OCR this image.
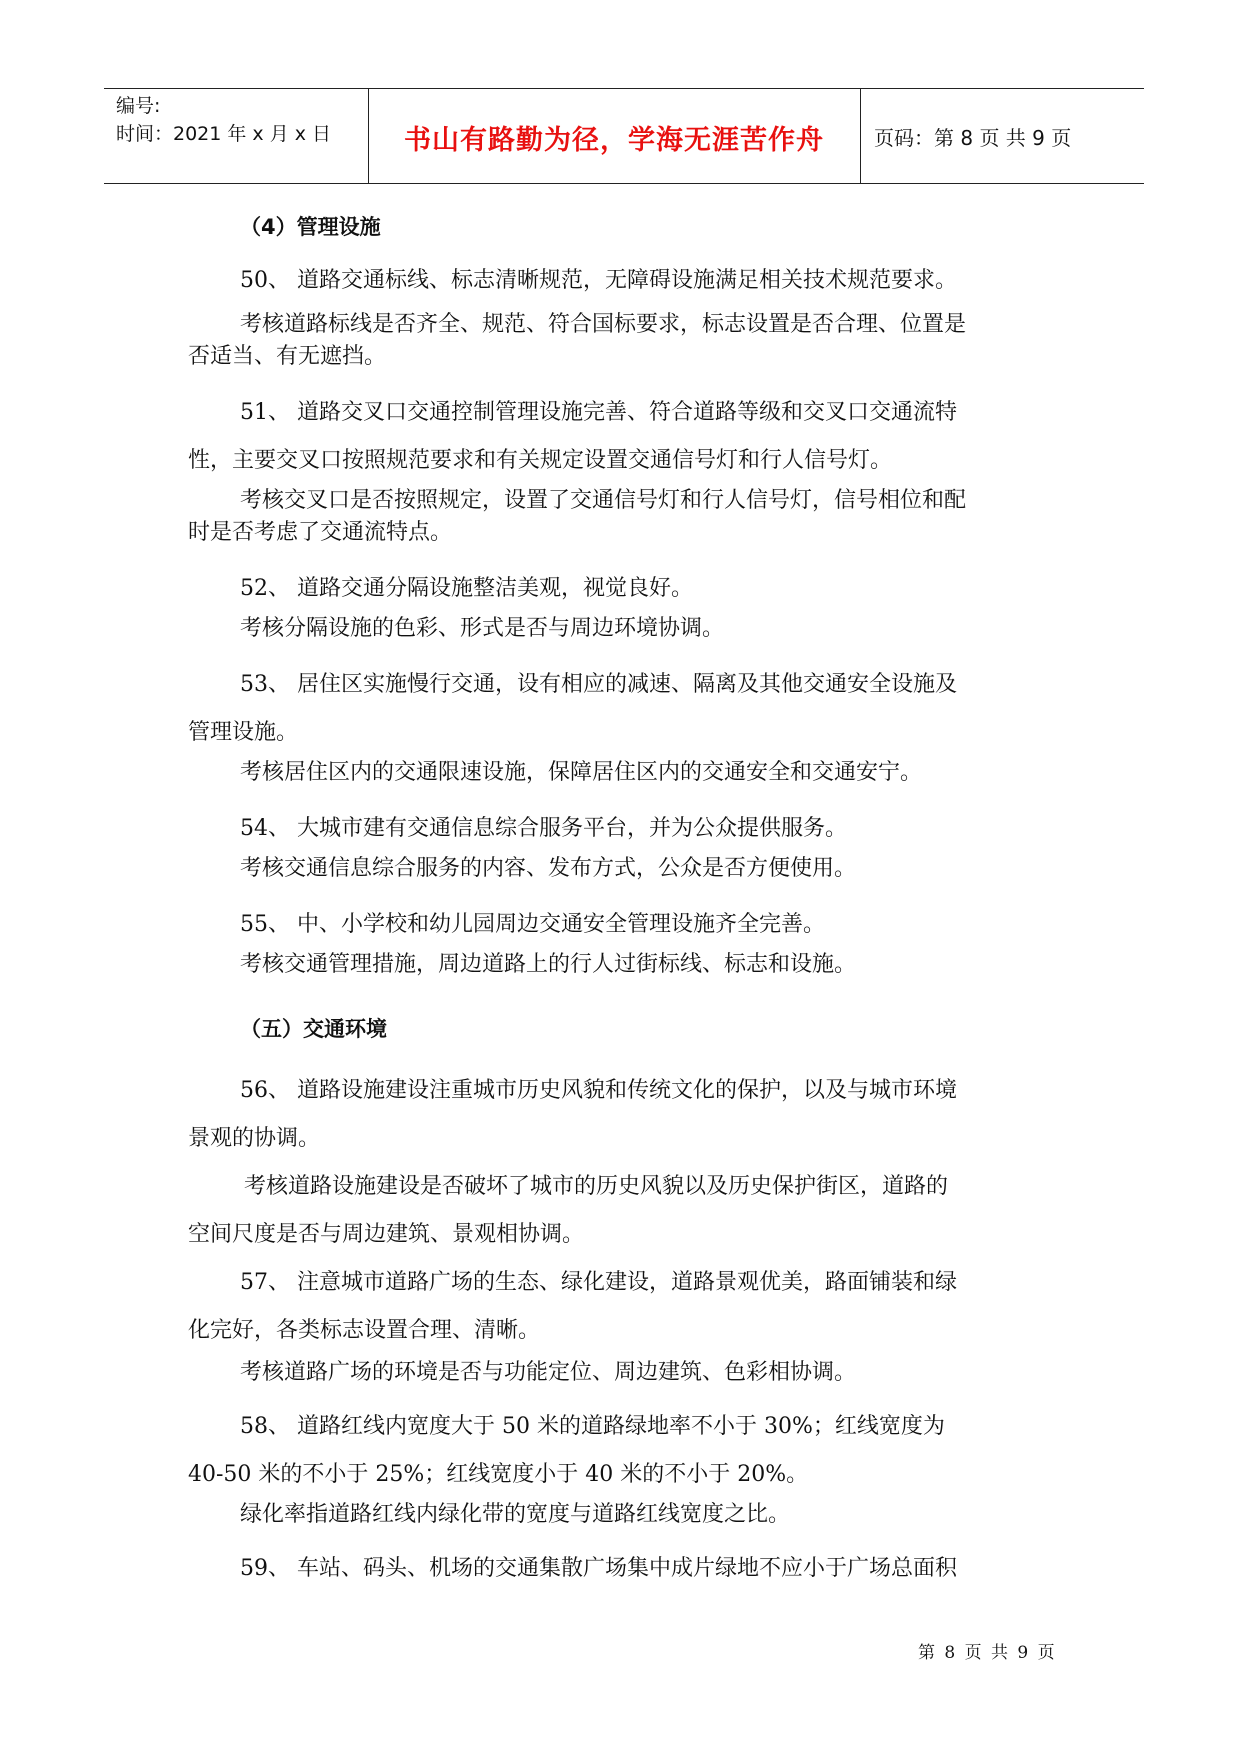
编号:
时间：2021 年 x 月 x 日	书山有路勤为径，学海无涯苦作舟	页码：第 8 页 共 9 页
（4）管理设施
50、 道路交通标线、标志清晰规范，无障碍设施满足相关技术规范要求。
考核道路标线是否齐全、规范、符合国标要求，标志设置是否合理、位置是
否适当、有无遮挡。
51、 道路交叉口交通控制管理设施完善、符合道路等级和交叉口交通流特
性，主要交叉口按照规范要求和有关规定设置交通信号灯和行人信号灯。
考核交叉口是否按照规定，设置了交通信号灯和行人信号灯，信号相位和配
时是否考虑了交通流特点。
52、 道路交通分隔设施整洁美观，视觉良好。
考核分隔设施的色彩、形式是否与周边环境协调。
53、 居住区实施慢行交通，设有相应的减速、隔离及其他交通安全设施及
管理设施。
考核居住区内的交通限速设施，保障居住区内的交通安全和交通安宁。
54、 大城市建有交通信息综合服务平台，并为公众提供服务。
考核交通信息综合服务的内容、发布方式，公众是否方便使用。
55、 中、小学校和幼儿园周边交通安全管理设施齐全完善。
考核交通管理措施，周边道路上的行人过街标线、标志和设施。
（五）交通环境
56、 道路设施建设注重城市历史风貌和传统文化的保护，以及与城市环境
景观的协调。
考核道路设施建设是否破坏了城市的历史风貌以及历史保护街区，道路的
空间尺度是否与周边建筑、景观相协调。
57、 注意城市道路广场的生态、绿化建设，道路景观优美，路面铺装和绿
化完好，各类标志设置合理、清晰。
考核道路广场的环境是否与功能定位、周边建筑、色彩相协调。
58、 道路红线内宽度大于 50 米的道路绿地率不小于 30%；红线宽度为
40-50 米的不小于 25%；红线宽度小于 40 米的不小于 20%。
绿化率指道路红线内绿化带的宽度与道路红线宽度之比。
59、 车站、码头、机场的交通集散广场集中成片绿地不应小于广场总面积
第 8 页 共 9 页
